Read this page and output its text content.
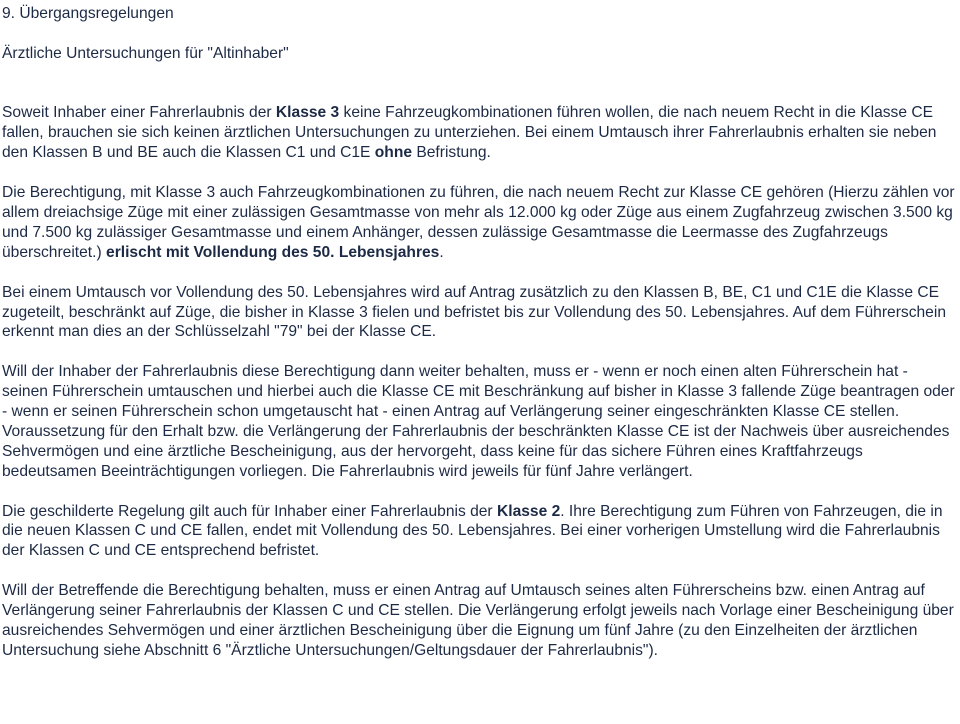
9. Übergangsregelungen

Ärztliche Untersuchungen für "Altinhaber"

Soweit Inhaber einer Fahrerlaubnis der Klasse 3 keine Fahrzeugkombinationen führen wollen, die nach neuem Recht in die Klasse CE fallen, brauchen sie sich keinen ärztlichen Untersuchungen zu unterziehen. Bei einem Umtausch ihrer Fahrerlaubnis erhalten sie neben den Klassen B und BE auch die Klassen C1 und C1E ohne Befristung.

Die Berechtigung, mit Klasse 3 auch Fahrzeugkombinationen zu führen, die nach neuem Recht zur Klasse CE gehören (Hierzu zählen vor allem dreiachsige Züge mit einer zulässigen Gesamtmasse von mehr als 12.000 kg oder Züge aus einem Zugfahrzeug zwischen 3.500 kg und 7.500 kg zulässiger Gesamtmasse und einem Anhänger, dessen zulässige Gesamtmasse die Leermasse des Zugfahrzeugs überschreitet.) erlischt mit Vollendung des 50. Lebensjahres.

Bei einem Umtausch vor Vollendung des 50. Lebensjahres wird auf Antrag zusätzlich zu den Klassen B, BE, C1 und C1E die Klasse CE zugeteilt, beschränkt auf Züge, die bisher in Klasse 3 fielen und befristet bis zur Vollendung des 50. Lebensjahres. Auf dem Führerschein erkennt man dies an der Schlüsselzahl "79" bei der Klasse CE.

Will der Inhaber der Fahrerlaubnis diese Berechtigung dann weiter behalten, muss er - wenn er noch einen alten Führerschein hat - seinen Führerschein umtauschen und hierbei auch die Klasse CE mit Beschränkung auf bisher in Klasse 3 fallende Züge beantragen oder - wenn er seinen Führerschein schon umgetauscht hat - einen Antrag auf Verlängerung seiner eingeschränkten Klasse CE stellen. Voraussetzung für den Erhalt bzw. die Verlängerung der Fahrerlaubnis der beschränkten Klasse CE ist der Nachweis über ausreichendes Sehvermögen und eine ärztliche Bescheinigung, aus der hervorgeht, dass keine für das sichere Führen eines Kraftfahrzeugs bedeutsamen Beeinträchtigungen vorliegen. Die Fahrerlaubnis wird jeweils für fünf Jahre verlängert.

Die geschilderte Regelung gilt auch für Inhaber einer Fahrerlaubnis der Klasse 2. Ihre Berechtigung zum Führen von Fahrzeugen, die in die neuen Klassen C und CE fallen, endet mit Vollendung des 50. Lebensjahres. Bei einer vorherigen Umstellung wird die Fahrerlaubnis der Klassen C und CE entsprechend befristet.

Will der Betreffende die Berechtigung behalten, muss er einen Antrag auf Umtausch seines alten Führerscheins bzw. einen Antrag auf Verlängerung seiner Fahrerlaubnis der Klassen C und CE stellen. Die Verlängerung erfolgt jeweils nach Vorlage einer Bescheinigung über ausreichendes Sehvermögen und einer ärztlichen Bescheinigung über die Eignung um fünf Jahre (zu den Einzelheiten der ärztlichen Untersuchung siehe Abschnitt 6 "Ärztliche Untersuchungen/Geltungsdauer der Fahrerlaubnis").
